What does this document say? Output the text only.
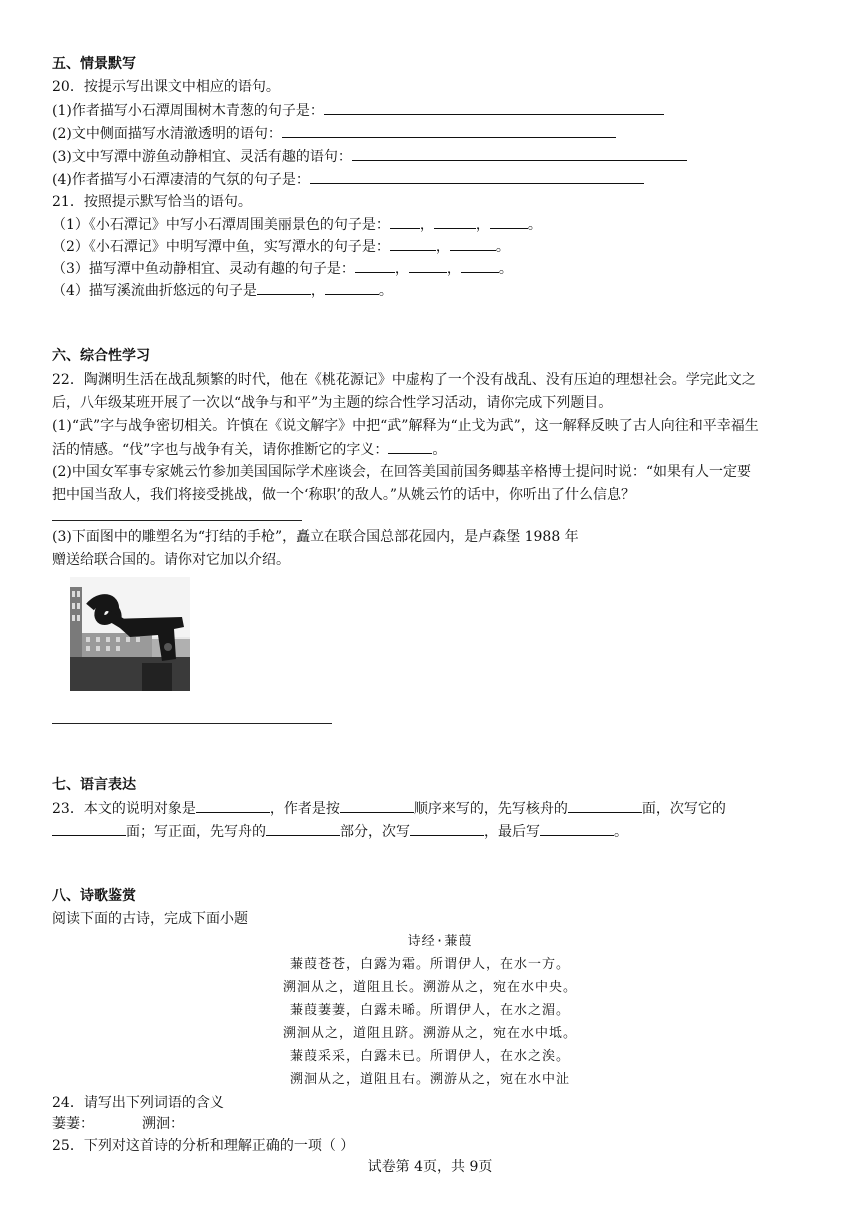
五、情景默写
20．按提示写出课文中相应的语句。
(1)作者描写小石潭周围树木青葱的句子是：
(2)文中侧面描写水清澈透明的语句：
(3)文中写潭中游鱼动静相宜、灵活有趣的语句：
(4)作者描写小石潭凄清的气氛的句子是：
21．按照提示默写恰当的语句。
（1）《小石潭记》中写小石潭周围美丽景色的句子是： ，	，	。
（2）《小石潭记》中明写潭中鱼，实写潭水的句子是：	，	。
（3）描写潭中鱼动静相宜、灵动有趣的句子是：	，	，	。
（4）描写溪流曲折悠远的句子是	，	。
六、综合性学习
22．陶渊明生活在战乱频繁的时代，他在《桃花源记》中虚构了一个没有战乱、没有压迫的理想社会。学完此文之
后，八年级某班开展了一次以“战争与和平”为主题的综合性学习活动，请你完成下列题目。
(1)“武”字与战争密切相关。许慎在《说文解字》中把“武”解释为“止戈为武”，这一解释反映了古人向往和平幸福生
活的情感。“伐”字也与战争有关，请你推断它的字义：	。
(2)中国女军事专家姚云竹参加美国国际学术座谈会，在回答美国前国务卿基辛格博士提问时说：“如果有人一定要
把中国当敌人，我们将接受挑战，做一个‘称职’的敌人。”从姚云竹的话中，你听出了什么信息？
(3)下面图中的雕塑名为“打结的手枪”，矗立在联合国总部花园内，是卢森堡 1988 年
赠送给联合国的。请你对它加以介绍。
七、语言表达
23．本文的说明对象是	，作者是按	顺序来写的，先写核舟的	面，次写它的
面；写正面，先写舟的	部分，次写	，最后写	。
八、诗歌鉴赏
阅读下面的古诗，完成下面小题
诗经·蒹葭
蒹葭苍苍，白露为霜。所谓伊人，在水一方。
溯洄从之，道阻且长。溯游从之，宛在水中央。
蒹葭萋萋，白露未晞。所谓伊人，在水之湄。
溯洄从之，道阻且跻。溯游从之，宛在水中坻。
蒹葭采采，白露未已。所谓伊人，在水之涘。
溯洄从之，道阻且右。溯游从之，宛在水中沚
24．请写出下列词语的含义
萋萋：	溯洄：
25．下列对这首诗的分析和理解正确的一项（ ）
试卷第 4页，共 9页
